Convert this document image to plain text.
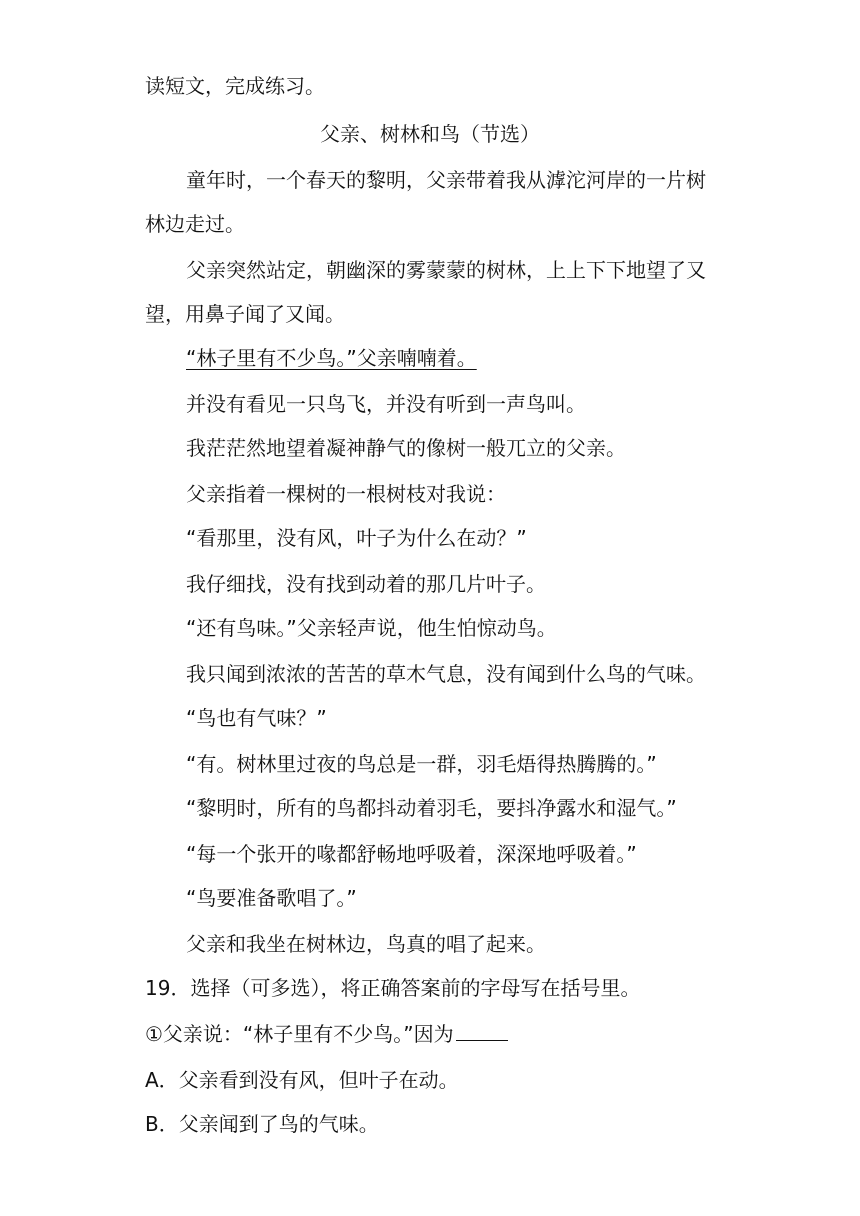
读短文，完成练习。
父亲、树林和鸟（节选）
童年时，一个春天的黎明，父亲带着我从滹沱河岸的一片树
林边走过。
父亲突然站定，朝幽深的雾蒙蒙的树林，上上下下地望了又
望，用鼻子闻了又闻。
“林子里有不少鸟。”父亲喃喃着。
并没有看见一只鸟飞，并没有听到一声鸟叫。
我茫茫然地望着凝神静气的像树一般兀立的父亲。
父亲指着一棵树的一根树枝对我说：
“看那里，没有风，叶子为什么在动？”
我仔细找，没有找到动着的那几片叶子。
“还有鸟味。”父亲轻声说，他生怕惊动鸟。
我只闻到浓浓的苦苦的草木气息，没有闻到什么鸟的气味。
“鸟也有气味？”
“有。树林里过夜的鸟总是一群，羽毛焐得热腾腾的。”
“黎明时，所有的鸟都抖动着羽毛，要抖净露水和湿气。”
“每一个张开的喙都舒畅地呼吸着，深深地呼吸着。”
“鸟要准备歌唱了。”
父亲和我坐在树林边，鸟真的唱了起来。
19．选择（可多选），将正确答案前的字母写在括号里。
①父亲说：“林子里有不少鸟。”因为
A．父亲看到没有风，但叶子在动。
B．父亲闻到了鸟的气味。
